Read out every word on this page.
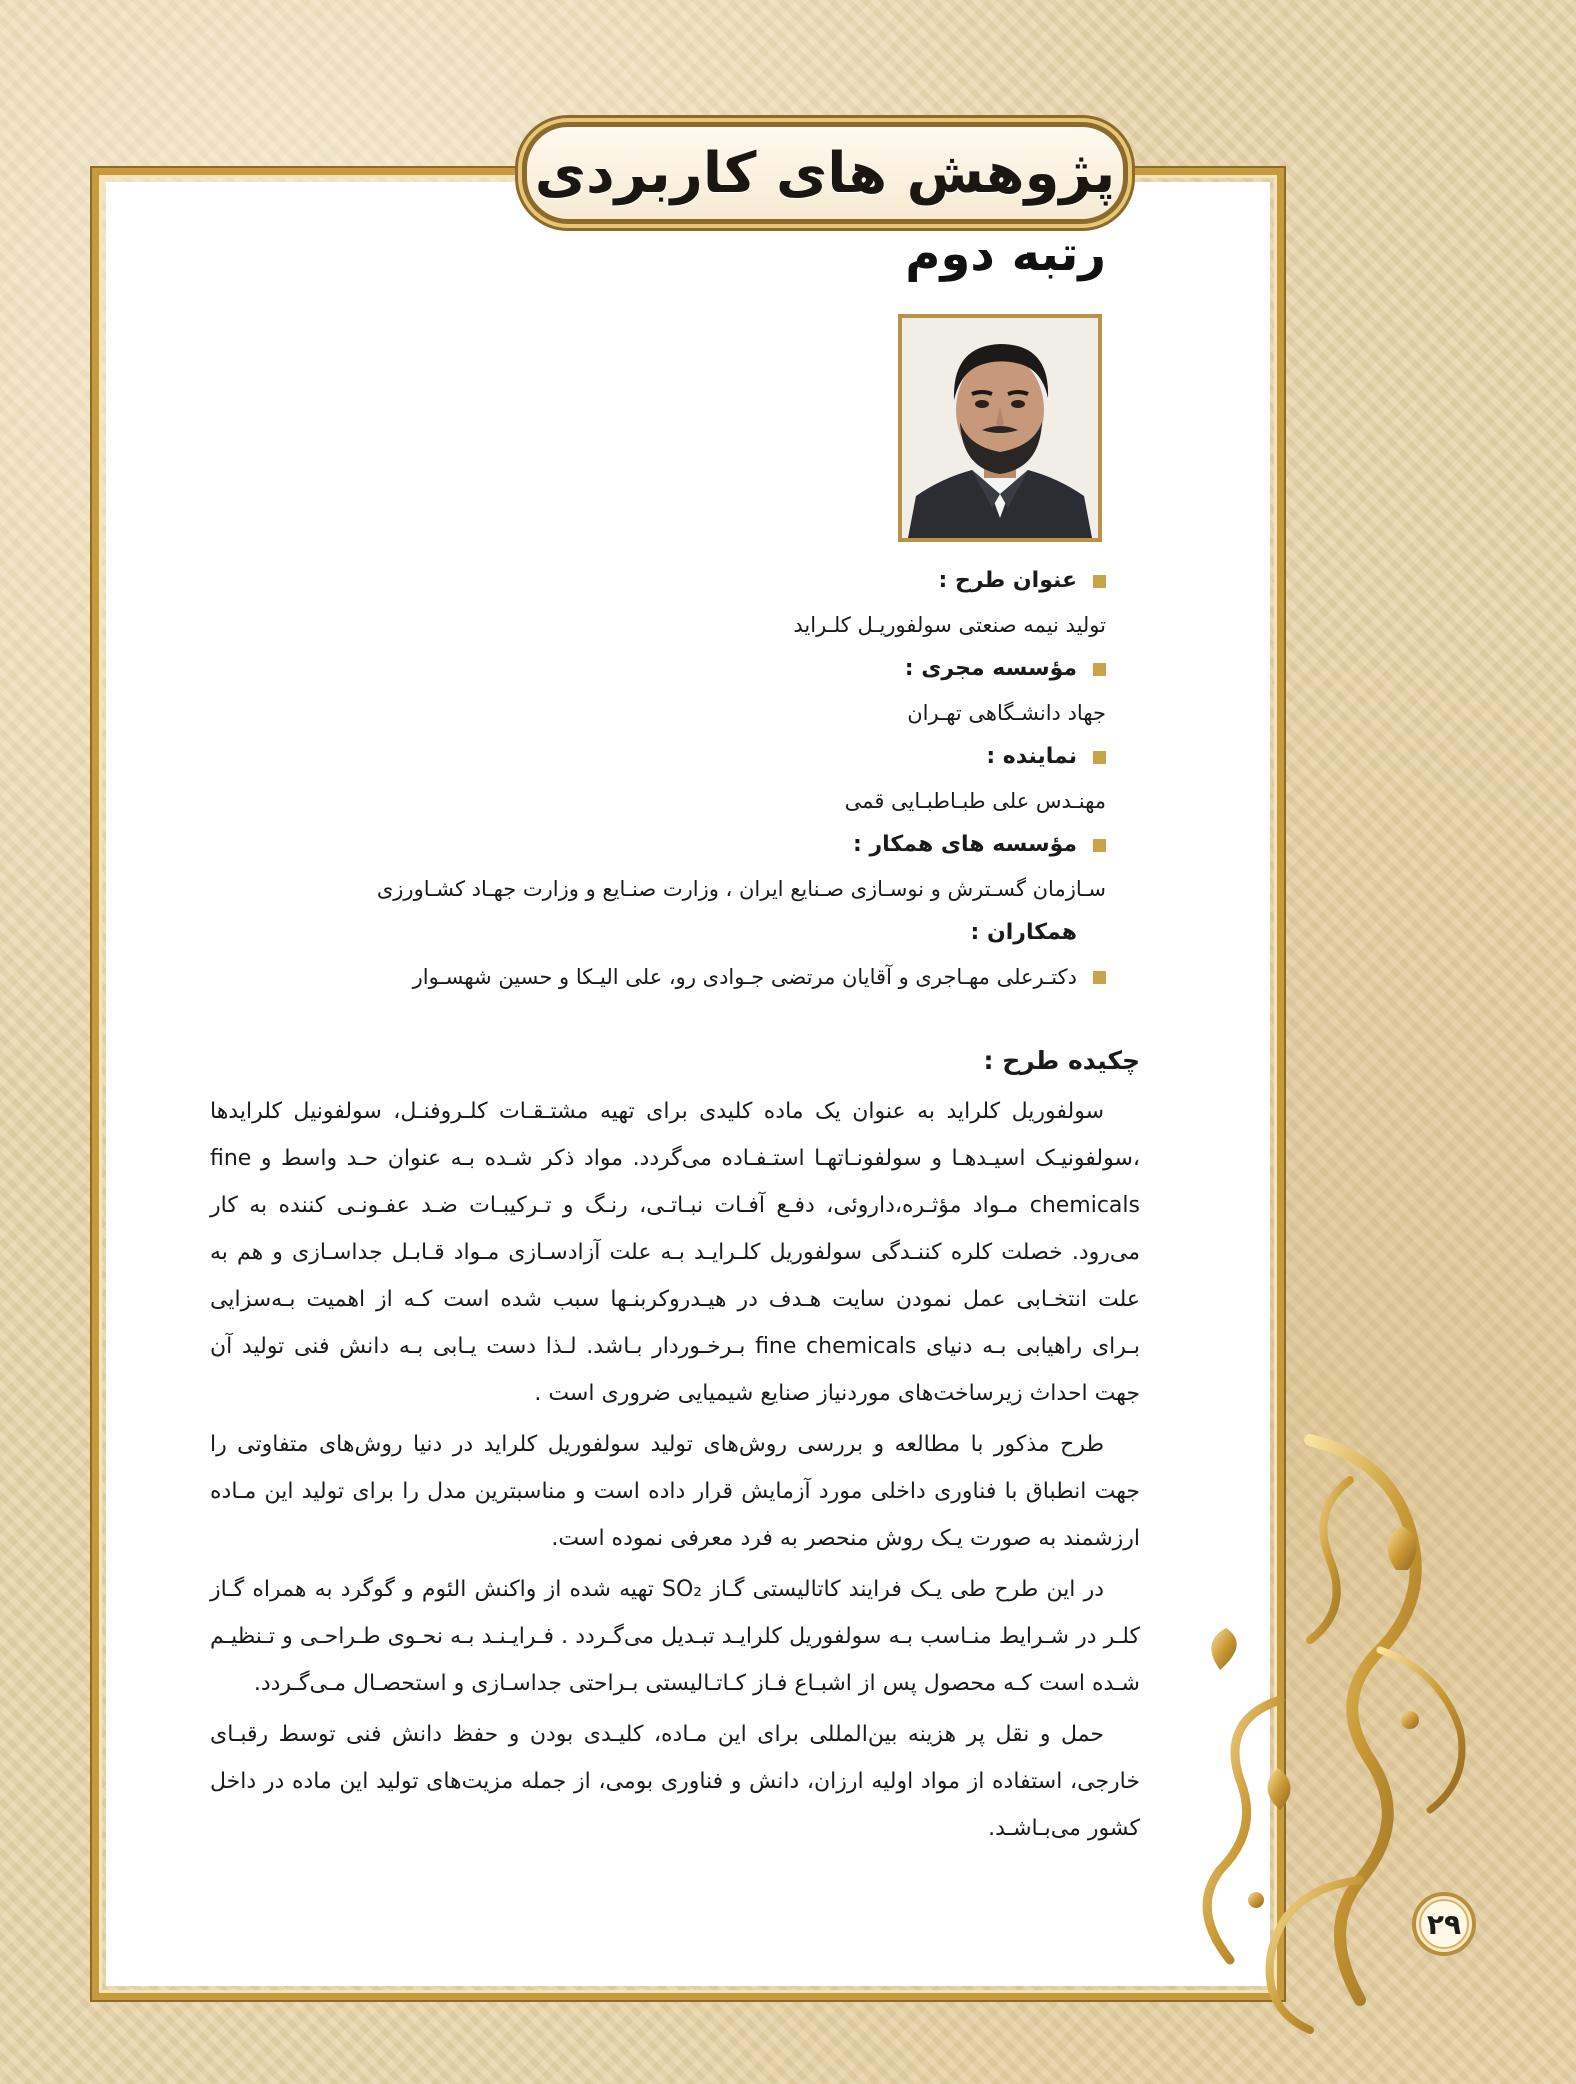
پژوهش های کاربردی
رتبه دوم
عنوان طرح :
تولید نیمه صنعتی سولفوریـل کلـراید
مؤسسه مجری :
جهاد دانشـگاهی تهـران
نماینده :
مهنـدس علی طبـاطبـایی قمی
مؤسسه های همکار :
سـازمان گسـترش و نوسـازی صـنایع ایران ، وزارت صنـایع و وزارت جهـاد کشـاورزی
همکاران :
دکتـرعلی مهـاجری و آقایان مرتضی جـوادی رو، علی الیـکا و حسین شهسـوار
چکیده طرح :

سولفوریل کلراید به عنوان یک ماده کلیدی برای تهیه مشتـقـات کلـروفنـل، سولفونیل کلرایدها ،سولفونیـک اسیـدهـا و سولفونـاتهـا استـفـاده می‌گردد. مواد ذکر شـده بـه عنوان حـد واسط و fine chemicals مـواد مؤثـره،داروئی، دفـع آفـات نبـاتـی، رنـگ و تـرکیبـات ضـد عفـونـی کننده به کار می‌رود. خصلت کلره کننـدگی سولفوریل کلـرایـد بـه علت آزادسـازی مـواد قـابـل جداسـازی و هم به علت انتخـابی عمل نمودن سایت هـدف در هیـدروکربنـها سبب شده است کـه از اهمیت بـه‌سزایی بـرای راهیابی بـه دنیای fine chemicals بـرخـوردار بـاشد. لـذا دست یـابی بـه دانش فنی تولید آن جهت احداث زیرساخت‌های موردنیاز صنایع شیمیایی ضروری است .

طرح مذکور با مطالعه و بررسی روش‌های تولید سولفوریل کلراید در دنیا روش‌های متفاوتی را جهت انطباق با فناوری داخلی مورد آزمایش قرار داده است و مناسبترین مدل را برای تولید این مـاده ارزشمند به صورت یـک روش منحصر به فرد معرفی نموده است.

در این طرح طی یـک فرایند کاتالیستی گـاز SO₂ تهیه شده از واکنش الئوم و گوگرد به همراه گـاز کلـر در شـرایط منـاسب بـه سولفوریل کلرایـد تبـدیل می‌گـردد . فـرایـنـد بـه نحـوی طـراحـی و تـنظیـم شـده است کـه محصول پس از اشبـاع فـاز کـاتـالیستی بـراحتی جداسـازی و استحصـال مـی‌گـردد.

حمل و نقل پر هزینه بین‌المللی برای این مـاده، کلیـدی بودن و حفظ دانش فنی توسط رقبـای خارجی، استفاده از مواد اولیه ارزان، دانش و فناوری بومی، از جمله مزیت‌های تولید این ماده در داخل کشور می‌بـاشـد.

۲۹
